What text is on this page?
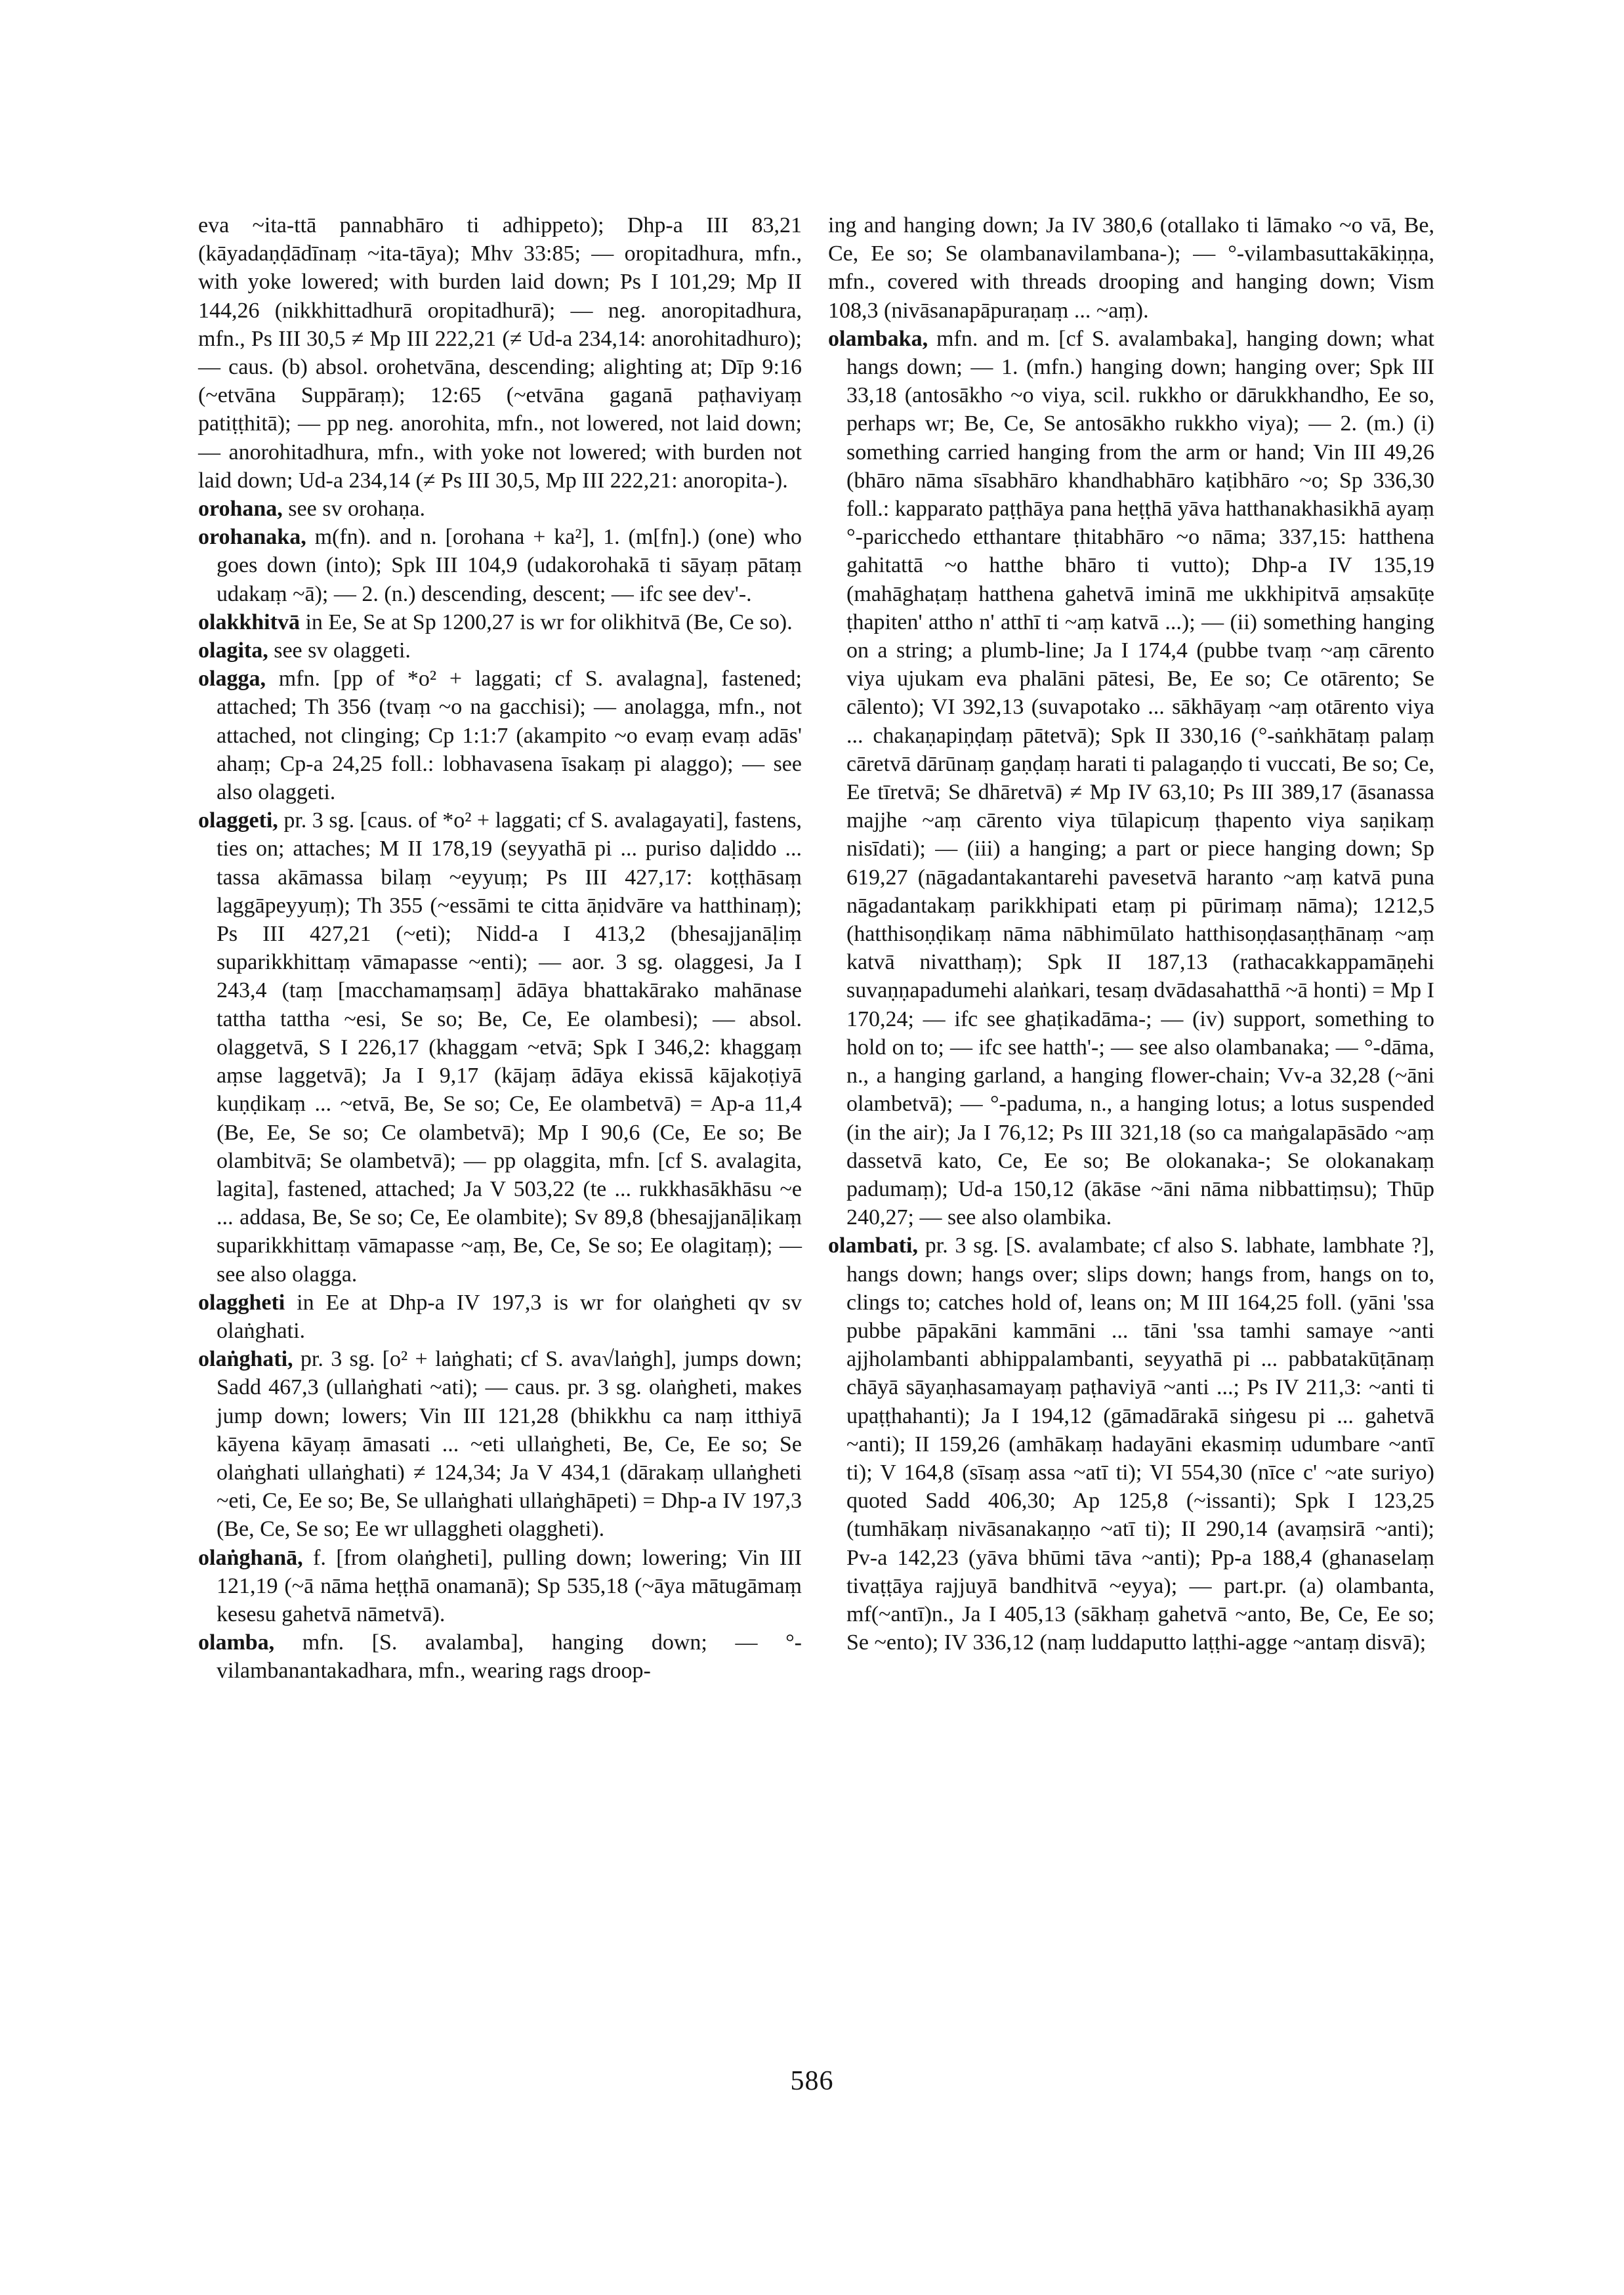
eva ~ita-ttā pannabhāro ti adhippeto); Dhp-a III 83,21 (kāyadaṇḍādīnaṃ ~ita-tāya); Mhv 33:85; — oropitadhura, mfn., with yoke lowered; with burden laid down; Ps I 101,29; Mp II 144,26 (nikkhittadhurā oropitadhurā); — neg. anoropitadhura, mfn., Ps III 30,5 ≠ Mp III 222,21 (≠ Ud-a 234,14: anorohitadhuro); — caus. (b) absol. orohetvāna, descending; alighting at; Dīp 9:16 (~etvāna Suppāraṃ); 12:65 (~etvāna gaganā paṭhaviyaṃ patiṭṭhitā); — pp neg. anorohita, mfn., not lowered, not laid down; — anorohitadhura, mfn., with yoke not lowered; with burden not laid down; Ud-a 234,14 (≠ Ps III 30,5, Mp III 222,21: anoropita-).

orohana, see sv orohaṇa.

orohanaka, m(fn). and n. [orohana + ka²], 1. (m[fn].) (one) who goes down (into); Spk III 104,9 (udakorohakā ti sāyaṃ pātaṃ udakaṃ ~ā); — 2. (n.) descending, descent; — ifc see dev'-.

olakkhitvā in Ee, Se at Sp 1200,27 is wr for olikhitvā (Be, Ce so).

olagita, see sv olaggeti.

olagga, mfn. [pp of *o² + laggati; cf S. avalagna], fastened; attached; Th 356 (tvaṃ ~o na gacchisi); — anolagga, mfn., not attached, not clinging; Cp 1:1:7 (akampito ~o evaṃ evaṃ adās' ahaṃ; Cp-a 24,25 foll.: lobhavasena īsakaṃ pi alaggo); — see also olaggeti.

olaggeti, pr. 3 sg. [caus. of *o² + laggati; cf S. avalagayati], fastens, ties on; attaches; M II 178,19 (seyyathā pi ... puriso daḷiddo ... tassa akāmassa bilaṃ ~eyyuṃ; Ps III 427,17: koṭṭhāsaṃ laggāpeyyuṃ); Th 355 (~essāmi te citta āṇidvāre va hatthinaṃ); Ps III 427,21 (~eti); Nidd-a I 413,2 (bhesajjanāḷiṃ suparikkhittaṃ vāmapasse ~enti); — aor. 3 sg. olaggesi, Ja I 243,4 (taṃ [macchamaṃsaṃ] ādāya bhattakārako mahānase tattha tattha ~esi, Se so; Be, Ce, Ee olambesi); — absol. olaggetvā, S I 226,17 (khaggam ~etvā; Spk I 346,2: khaggaṃ aṃse laggetvā); Ja I 9,17 (kājaṃ ādāya ekissā kājakoṭiyā kuṇḍikaṃ ... ~etvā, Be, Se so; Ce, Ee olambetvā) = Ap-a 11,4 (Be, Ee, Se so; Ce olambetvā); Mp I 90,6 (Ce, Ee so; Be olambitvā; Se olambetvā); — pp olaggita, mfn. [cf S. avalagita, lagita], fastened, attached; Ja V 503,22 (te ... rukkhasākhāsu ~e ... addasa, Be, Se so; Ce, Ee olambite); Sv 89,8 (bhesajjanāḷikaṃ suparikkhittaṃ vāmapasse ~aṃ, Be, Ce, Se so; Ee olagitaṃ); — see also olagga.

olaggheti in Ee at Dhp-a IV 197,3 is wr for olaṅgheti qv sv olaṅghati.

olaṅghati, pr. 3 sg. [o² + laṅghati; cf S. ava√laṅgh], jumps down; Sadd 467,3 (ullaṅghati ~ati); — caus. pr. 3 sg. olaṅgheti, makes jump down; lowers; Vin III 121,28 (bhikkhu ca naṃ itthiyā kāyena kāyaṃ āmasati ... ~eti ullaṅgheti, Be, Ce, Ee so; Se olaṅghati ullaṅghati) ≠ 124,34; Ja V 434,1 (dārakaṃ ullaṅgheti ~eti, Ce, Ee so; Be, Se ullaṅghati ullaṅghāpeti) = Dhp-a IV 197,3 (Be, Ce, Se so; Ee wr ullaggheti olaggheti).

olaṅghanā, f. [from olaṅgheti], pulling down; lowering; Vin III 121,19 (~ā nāma heṭṭhā onamanā); Sp 535,18 (~āya mātugāmaṃ kesesu gahetvā nāmetvā).

olamba, mfn. [S. avalamba], hanging down; — °-vilambanantakadhara, mfn., wearing rags droop-

ing and hanging down; Ja IV 380,6 (otallako ti lāmako ~o vā, Be, Ce, Ee so; Se olambanavilambana-); — °-vilambasuttakākiṇṇa, mfn., covered with threads drooping and hanging down; Vism 108,3 (nivāsanapāpuraṇaṃ ... ~aṃ).

olambaka, mfn. and m. [cf S. avalambaka], hanging down; what hangs down; — 1. (mfn.) hanging down; hanging over; Spk III 33,18 (antosākho ~o viya, scil. rukkho or dārukkhandho, Ee so, perhaps wr; Be, Ce, Se antosākho rukkho viya); — 2. (m.) (i) something carried hanging from the arm or hand; Vin III 49,26 (bhāro nāma sīsabhāro khandhabhāro kaṭibhāro ~o; Sp 336,30 foll.: kapparato paṭṭhāya pana heṭṭhā yāva hatthanakhasikhā ayaṃ °-paricchedo etthantare ṭhitabhāro ~o nāma; 337,15: hatthena gahitattā ~o hatthe bhāro ti vutto); Dhp-a IV 135,19 (mahāghaṭaṃ hatthena gahetvā iminā me ukkhipitvā aṃsakūṭe ṭhapiten' attho n' atthī ti ~aṃ katvā ...); — (ii) something hanging on a string; a plumb-line; Ja I 174,4 (pubbe tvaṃ ~aṃ cārento viya ujukam eva phalāni pātesi, Be, Ee so; Ce otārento; Se cālento); VI 392,13 (suvapotako ... sākhāyaṃ ~aṃ otārento viya ... chakaṇapiṇḍaṃ pātetvā); Spk II 330,16 (°-saṅkhātaṃ palaṃ cāretvā dārūnaṃ gaṇḍaṃ harati ti palagaṇḍo ti vuccati, Be so; Ce, Ee tīretvā; Se dhāretvā) ≠ Mp IV 63,10; Ps III 389,17 (āsanassa majjhe ~aṃ cārento viya tūlapicuṃ ṭhapento viya saṇikaṃ nisīdati); — (iii) a hanging; a part or piece hanging down; Sp 619,27 (nāgadantakantarehi pavesetvā haranto ~aṃ katvā puna nāgadantakaṃ parikkhipati etaṃ pi pūrimaṃ nāma); 1212,5 (hatthisoṇḍikaṃ nāma nābhimūlato hatthisoṇḍasaṇṭhānaṃ ~aṃ katvā nivatthaṃ); Spk II 187,13 (rathacakkappamāṇehi suvaṇṇapadumehi alaṅkari, tesaṃ dvādasahatthā ~ā honti) = Mp I 170,24; — ifc see ghaṭikadāma-; — (iv) support, something to hold on to; — ifc see hatth'-; — see also olambanaka; — °-dāma, n., a hanging garland, a hanging flower-chain; Vv-a 32,28 (~āni olambetvā); — °-paduma, n., a hanging lotus; a lotus suspended (in the air); Ja I 76,12; Ps III 321,18 (so ca maṅgalapāsādo ~aṃ dassetvā kato, Ce, Ee so; Be olokanaka-; Se olokanakaṃ padumaṃ); Ud-a 150,12 (ākāse ~āni nāma nibbattiṃsu); Thūp 240,27; — see also olambika.

olambati, pr. 3 sg. [S. avalambate; cf also S. labhate, lambhate ?], hangs down; hangs over; slips down; hangs from, hangs on to, clings to; catches hold of, leans on; M III 164,25 foll. (yāni 'ssa pubbe pāpakāni kammāni ... tāni 'ssa tamhi samaye ~anti ajjholambanti abhippalambanti, seyyathā pi ... pabbatakūṭānaṃ chāyā sāyaṇhasamayaṃ paṭhaviyā ~anti ...; Ps IV 211,3: ~anti ti upaṭṭhahanti); Ja I 194,12 (gāmadārakā siṅgesu pi ... gahetvā ~anti); II 159,26 (amhākaṃ hadayāni ekasmiṃ udumbare ~antī ti); V 164,8 (sīsaṃ assa ~atī ti); VI 554,30 (nīce c' ~ate suriyo) quoted Sadd 406,30; Ap 125,8 (~issanti); Spk I 123,25 (tumhākaṃ nivāsanakaṇṇo ~atī ti); II 290,14 (avaṃsirā ~anti); Pv-a 142,23 (yāva bhūmi tāva ~anti); Pp-a 188,4 (ghanaselaṃ tivaṭṭāya rajjuyā bandhitvā ~eyya); — part.pr. (a) olambanta, mf(~antī)n., Ja I 405,13 (sākhaṃ gahetvā ~anto, Be, Ce, Ee so; Se ~ento); IV 336,12 (naṃ luddaputto laṭṭhi-agge ~antaṃ disvā);

586
